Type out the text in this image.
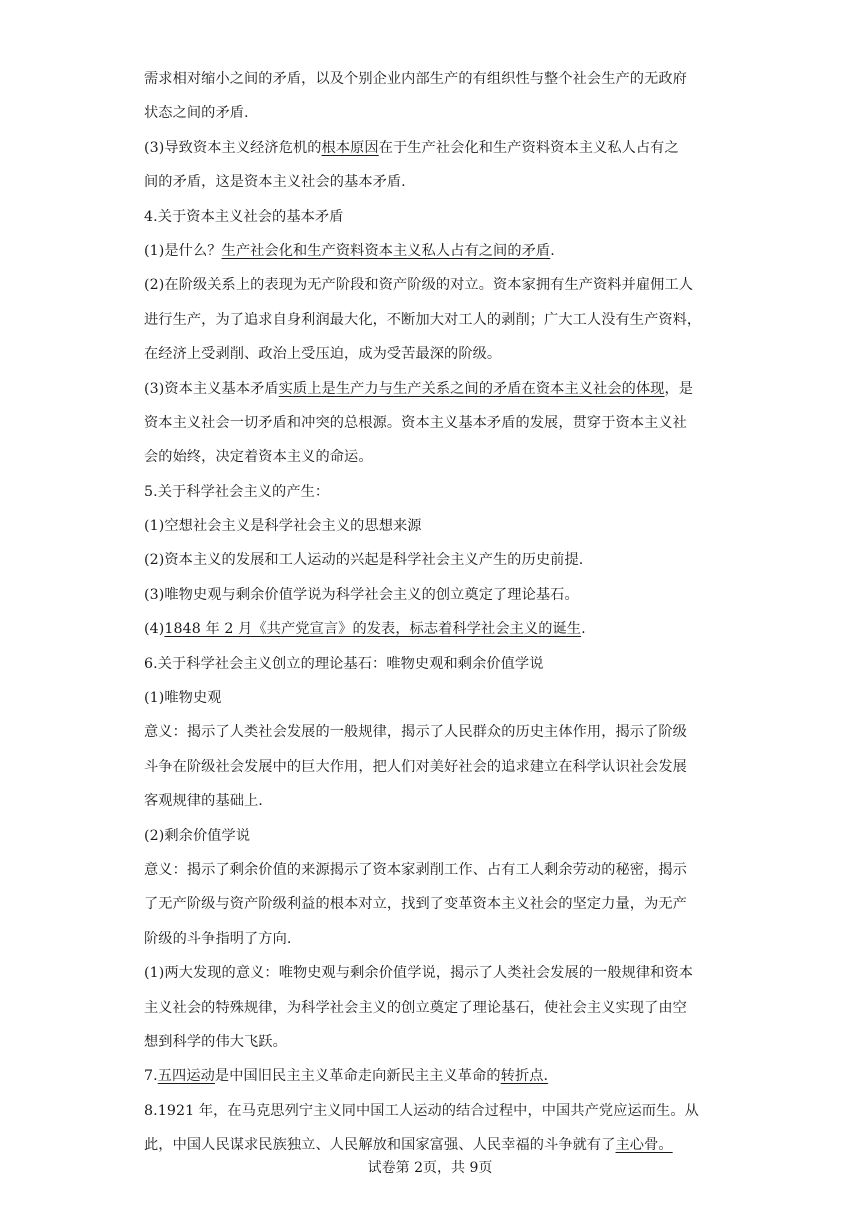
需求相对缩小之间的矛盾，以及个别企业内部生产的有组织性与整个社会生产的无政府
状态之间的矛盾.
(3)导致资本主义经济危机的根本原因在于生产社会化和生产资料资本主义私人占有之
间的矛盾，这是资本主义社会的基本矛盾.
4.关于资本主义社会的基本矛盾
(1)是什么？生产社会化和生产资料资本主义私人占有之间的矛盾.
(2)在阶级关系上的表现为无产阶段和资产阶级的对立。资本家拥有生产资料并雇佣工人
进行生产，为了追求自身利润最大化，不断加大对工人的剥削；广大工人没有生产资料，
在经济上受剥削、政治上受压迫，成为受苦最深的阶级。
(3)资本主义基本矛盾实质上是生产力与生产关系之间的矛盾在资本主义社会的体现，是
资本主义社会一切矛盾和冲突的总根源。资本主义基本矛盾的发展，贯穿于资本主义社
会的始终，决定着资本主义的命运。
5.关于科学社会主义的产生：
(1)空想社会主义是科学社会主义的思想来源
(2)资本主义的发展和工人运动的兴起是科学社会主义产生的历史前提.
(3)唯物史观与剩余价值学说为科学社会主义的创立奠定了理论基石。
(4)1848 年 2 月《共产党宣言》的发表，标志着科学社会主义的诞生.
6.关于科学社会主义创立的理论基石：唯物史观和剩余价值学说
(1)唯物史观
意义：揭示了人类社会发展的一般规律，揭示了人民群众的历史主体作用，揭示了阶级
斗争在阶级社会发展中的巨大作用，把人们对美好社会的追求建立在科学认识社会发展
客观规律的基础上.
(2)剩余价值学说
意义：揭示了剩余价值的来源揭示了资本家剥削工作、占有工人剩余劳动的秘密，揭示
了无产阶级与资产阶级利益的根本对立，找到了变革资本主义社会的坚定力量，为无产
阶级的斗争指明了方向.
(1)两大发现的意义：唯物史观与剩余价值学说，揭示了人类社会发展的一般规律和资本
主义社会的特殊规律，为科学社会主义的创立奠定了理论基石，使社会主义实现了由空
想到科学的伟大飞跃。
7.五四运动是中国旧民主主义革命走向新民主主义革命的转折点.
8.1921 年，在马克思列宁主义同中国工人运动的结合过程中，中国共产党应运而生。从
此，中国人民谋求民族独立、人民解放和国家富强、人民幸福的斗争就有了主心骨。
试卷第 2页，共 9页
